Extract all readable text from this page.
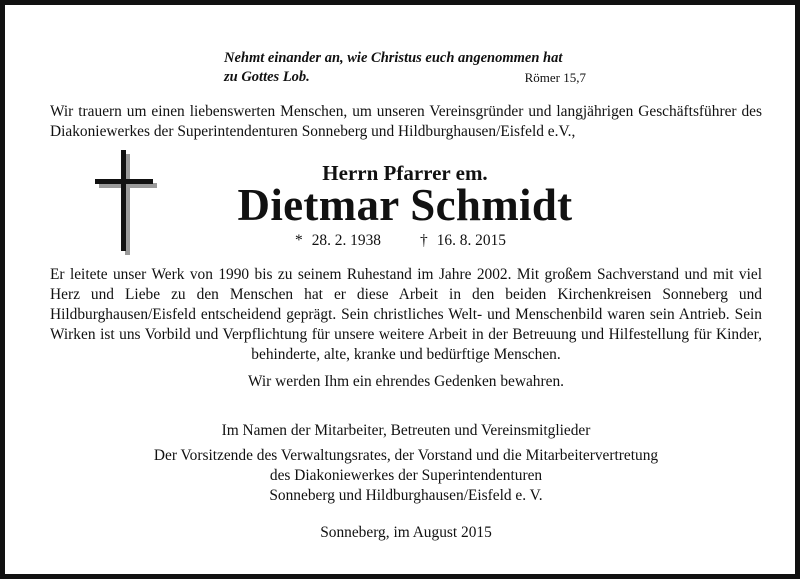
Nehmt einander an, wie Christus euch angenommen hat
zu Gottes Lob.	Römer 15,7
Wir trauern um einen liebenswerten Menschen, um unseren Vereinsgründer und langjährigen Geschäftsführer des Diakoniewerkes der Superintendenturen Sonneberg und Hildburghausen/Eisfeld e.V.,
Herrn Pfarrer em.
Dietmar Schmidt
* 28. 2. 1938	† 16. 8. 2015
Er leitete unser Werk von 1990 bis zu seinem Ruhestand im Jahre 2002. Mit großem Sachverstand und mit viel Herz und Liebe zu den Menschen hat er diese Arbeit in den beiden Kirchenkreisen Sonneberg und Hildburghausen/Eisfeld entscheidend geprägt. Sein christliches Welt- und Menschenbild waren sein Antrieb. Sein Wirken ist uns Vorbild und Verpflichtung für unsere weitere Arbeit in der Betreuung und Hilfestellung für Kinder, behinderte, alte, kranke und bedürftige Menschen.
Wir werden Ihm ein ehrendes Gedenken bewahren.
Im Namen der Mitarbeiter, Betreuten und Vereinsmitglieder
Der Vorsitzende des Verwaltungsrates, der Vorstand und die Mitarbeitervertretung
des Diakoniewerkes der Superintendenturen
Sonneberg und Hildburghausen/Eisfeld e. V.
Sonneberg, im August 2015
